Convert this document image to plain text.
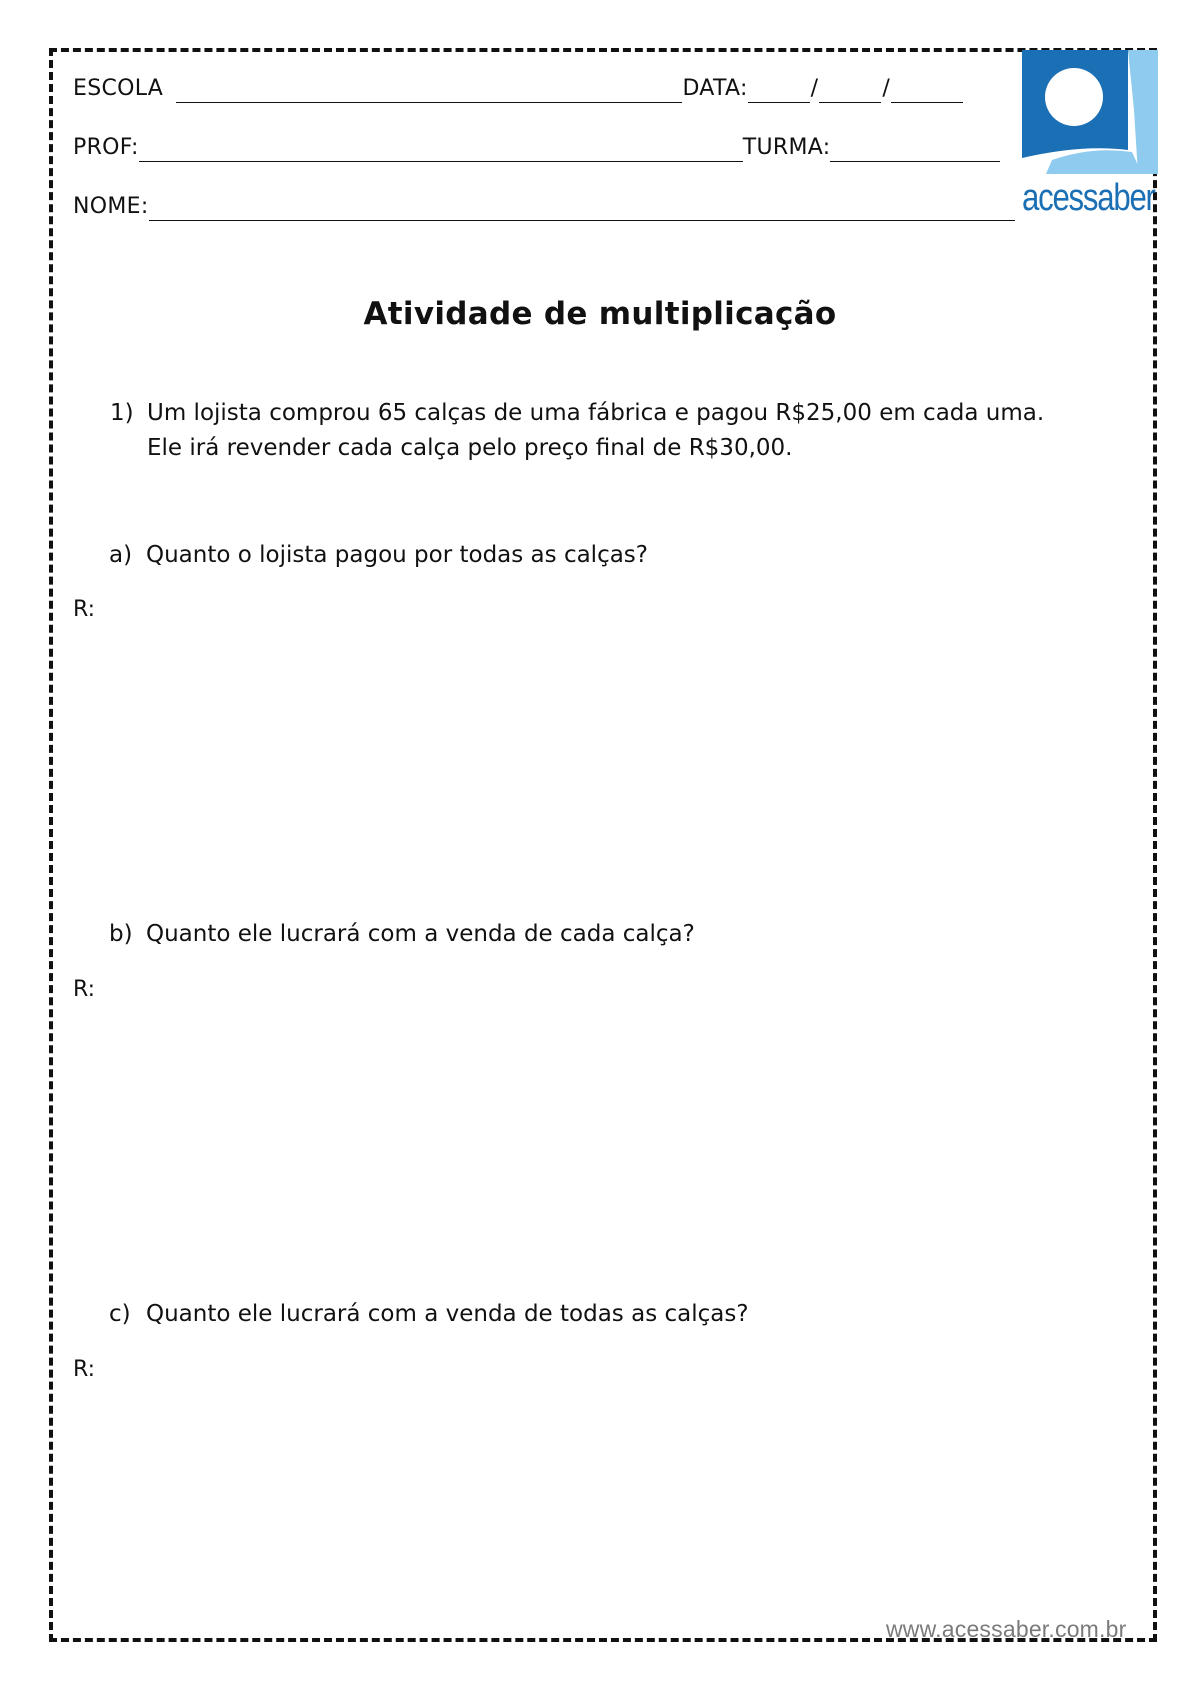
ESCOLA	DATA:	/	/
PROF:	TURMA:
NOME:	acessaber
Atividade de multiplicação
1) Um lojista comprou 65 calças de uma fábrica e pagou R$25,00 em cada uma.
Ele irá revender cada calça pelo preço final de R$30,00.
a) Quanto o lojista pagou por todas as calças?
R:
b) Quanto ele lucrará com a venda de cada calça?
R:
c) Quanto ele lucrará com a venda de todas as calças?
R:
www.acessaber.com.br
